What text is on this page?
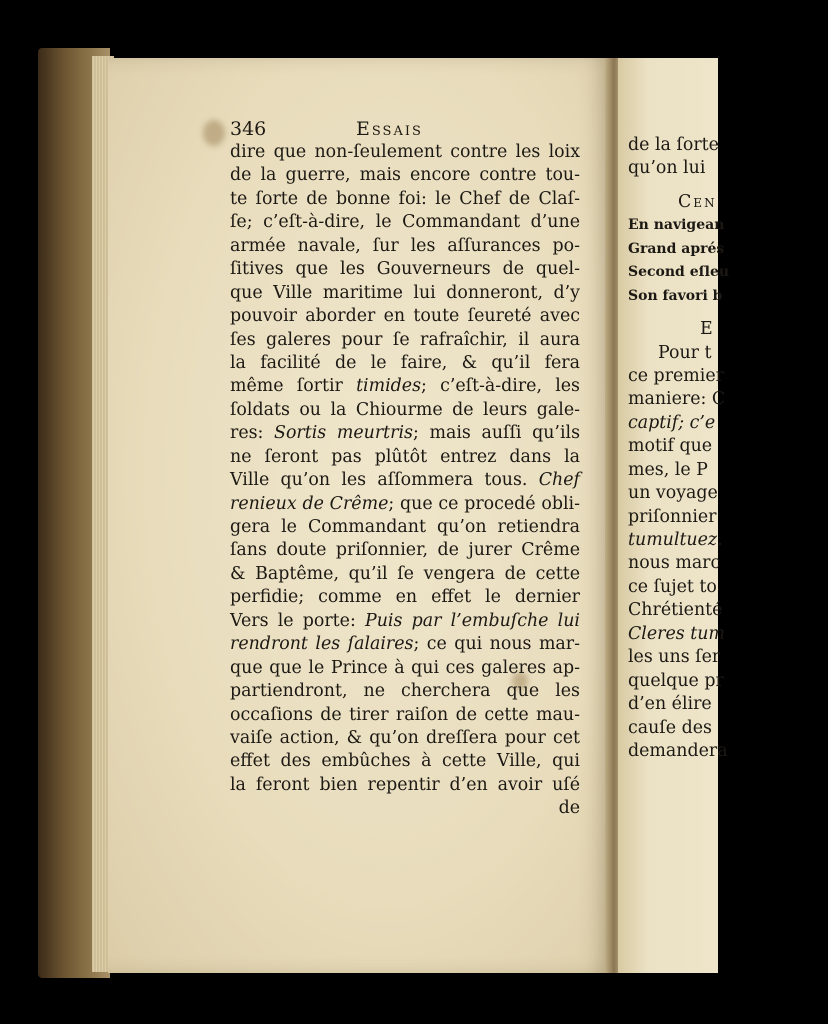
de la ſorte
qu’on lui
Cen
En navigean
Grand aprés
Second eſleu
Son favori b
E
Pour t
ce premier
maniere: C
captif; c’e
motif que
mes, le P
un voyage
priſonnier
tumultuez.
nous marc
ce ſujet to
Chrétienté
Cleres tum
les uns ſer
quelque pr
d’en élire
cauſe des
demandera
346	Essais
dire que non-ſeulement contre les loix
de la guerre, mais encore contre tou-
te ſorte de bonne foi: le Chef de Claſ-
ſe; c’eſt-à-dire, le Commandant d’une
armée navale, ſur les aſſurances po-
ſitives que les Gouverneurs de quel-
que Ville maritime lui donneront, d’y
pouvoir aborder en toute ſeureté avec
ſes galeres pour ſe rafraîchir, il aura
la facilité de le faire, & qu’il fera
même ſortir timides; c’eſt-à-dire, les
ſoldats ou la Chiourme de leurs gale-
res: Sortis meurtris; mais auſſi qu’ils
ne ſeront pas plûtôt entrez dans la
Ville qu’on les aſſommera tous. Chef
renieux de Crême; que ce procedé obli-
gera le Commandant qu’on retiendra
ſans doute priſonnier, de jurer Crême
& Baptême, qu’il ſe vengera de cette
perfidie; comme en effet le dernier
Vers le porte: Puis par l’embuſche lui
rendront les ſalaires; ce qui nous mar-
que que le Prince à qui ces galeres ap-
partiendront, ne cherchera que les
occaſions de tirer raiſon de cette mau-
vaiſe action, & qu’on dreſſera pour cet
effet des embûches à cette Ville, qui
la feront bien repentir d’en avoir uſé
de
